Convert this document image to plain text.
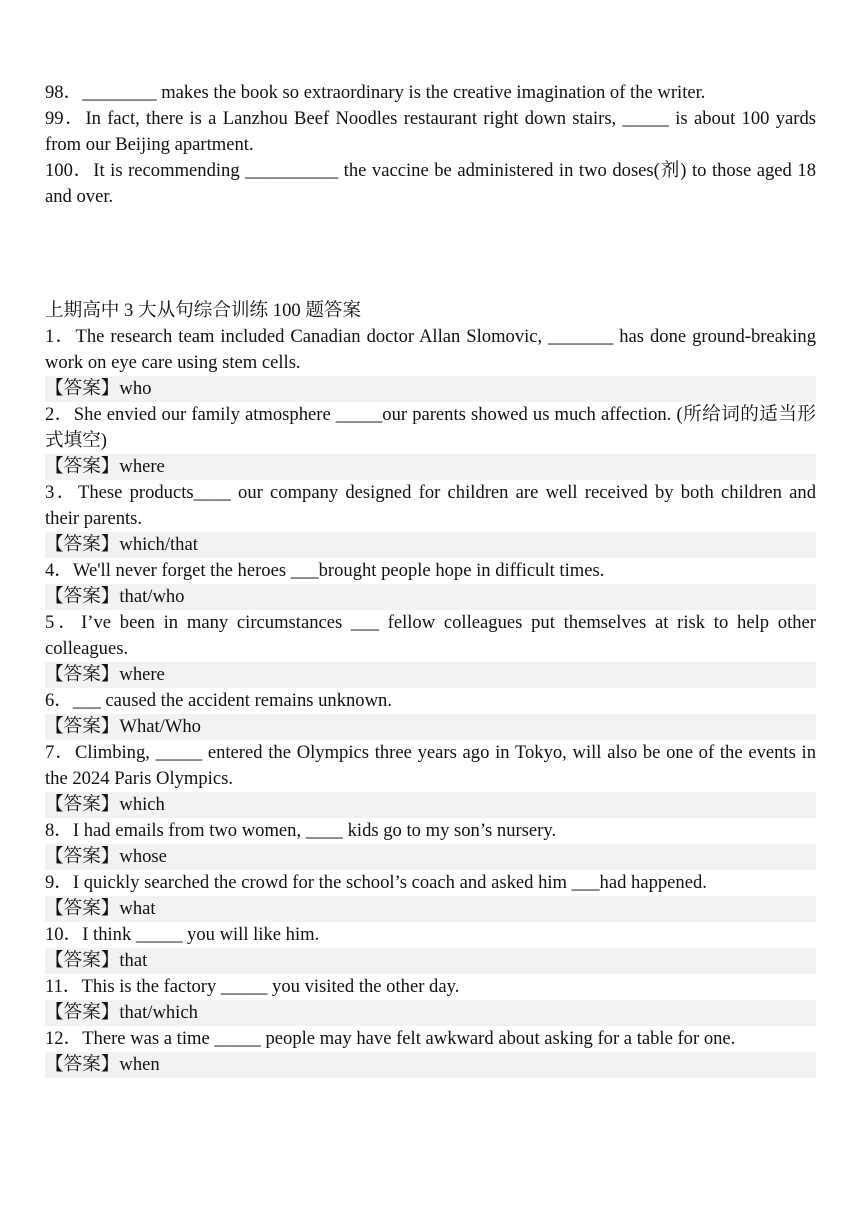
98．________ makes the book so extraordinary is the creative imagination of the writer.

99．In fact, there is a Lanzhou Beef Noodles restaurant right down stairs, _____ is about 100 yards from our Beijing apartment.

100．It is recommending __________ the vaccine be administered in two doses(剂) to those aged 18 and over.

上期高中 3 大从句综合训练 100 题答案

1．The research team included Canadian doctor Allan Slomovic, _______ has done ground-breaking work on eye care using stem cells.

【答案】who

2．She envied our family atmosphere _____our parents showed us much affection. (所给词的适当形式填空)

【答案】where

3．These products____ our company designed for children are well received by both children and their parents.

【答案】which/that

4．We'll never forget the heroes ___brought people hope in difficult times.

【答案】that/who

5．I’ve been in many circumstances ___ fellow colleagues put themselves at risk to help other colleagues.

【答案】where

6．___ caused the accident remains unknown.

【答案】What/Who

7．Climbing, _____ entered the Olympics three years ago in Tokyo, will also be one of the events in the 2024 Paris Olympics.

【答案】which

8．I had emails from two women, ____ kids go to my son’s nursery.

【答案】whose

9．I quickly searched the crowd for the school’s coach and asked him ___had happened.

【答案】what

10．I think _____ you will like him.

【答案】that

11．This is the factory _____ you visited the other day.

【答案】that/which

12．There was a time _____ people may have felt awkward about asking for a table for one.

【答案】when
